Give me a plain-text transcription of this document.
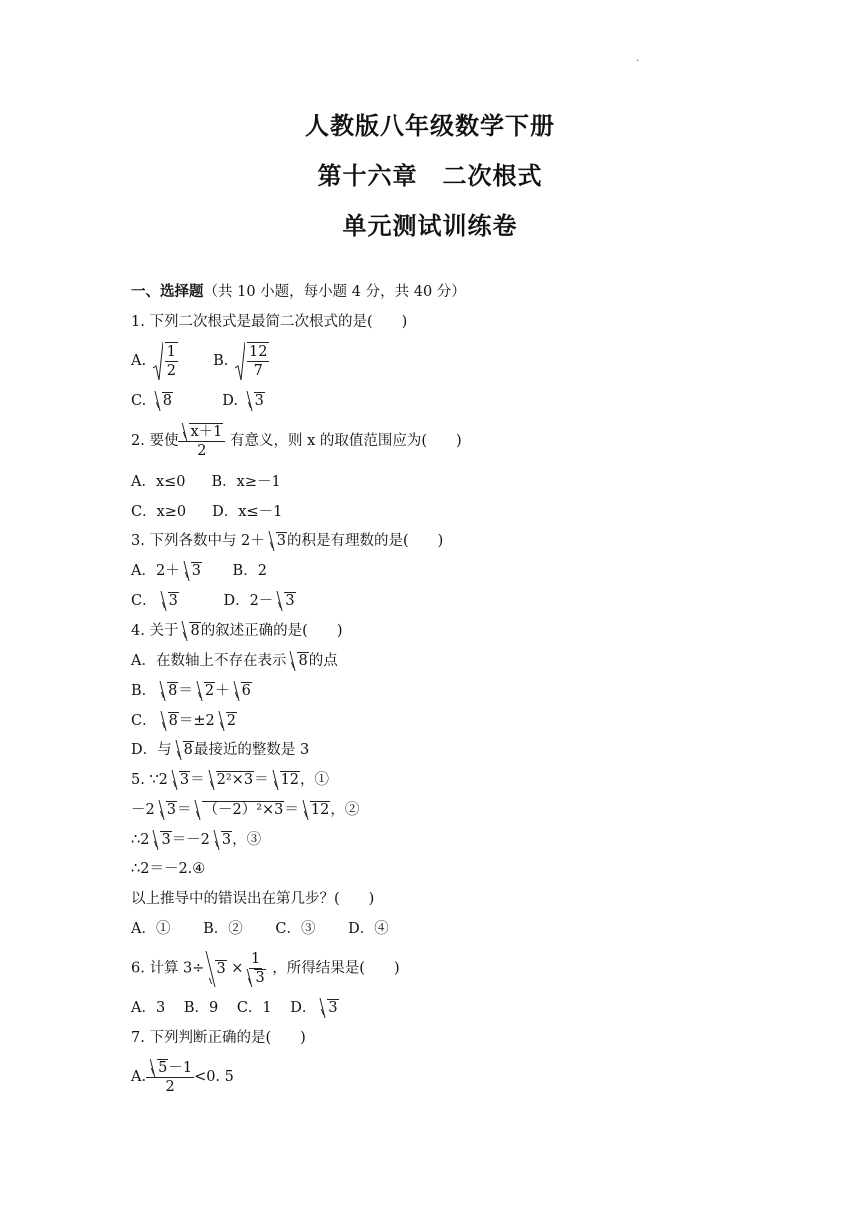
·
人教版八年级数学下册
第十六章　二次根式
单元测试训练卷
一、选择题（共 10 小题，每小题 4 分，共 40 分）
1. 下列二次根式是最简二次根式的是(　　)
A. $\frac{1}{2} B$. $\frac{12}{7}$
C. 8	D. 3
2. 要使 $\frac{x+1}{2}$ 有意义，则 x 的取值范围应为(　　)
A．x≤0 B．x≥－1
C．x≥0 D．x≤－1
3. 下列各数中与 2＋ 3的积是有理数的是(　　)
A．2＋ 3 B．2
C． 3	D．2－ 3
4. 关于 8的叙述正确的是(　　)
A．在数轴上不存在表示 8的点
B． 8＝ 2＋ 6
C． 8＝±2 2
D．与 8最接近的整数是 3
5. ∵2 3＝ 2²×3＝ 12，①
－2 3＝ （－2）²×3＝ 12，②
∴2 3＝－2 3，③
∴2＝－2.④
以上推导中的错误出在第几步？(　　)
A．① B．② C．③ D．④
6. 计算 $3\div 3 \times \frac{1}{3}$ ，所得结果是(　　)
A．3 B．9 C．1 D． 3
7. 下列判断正确的是(　　)
A. $\frac{5-1}{2} <0$. 5
